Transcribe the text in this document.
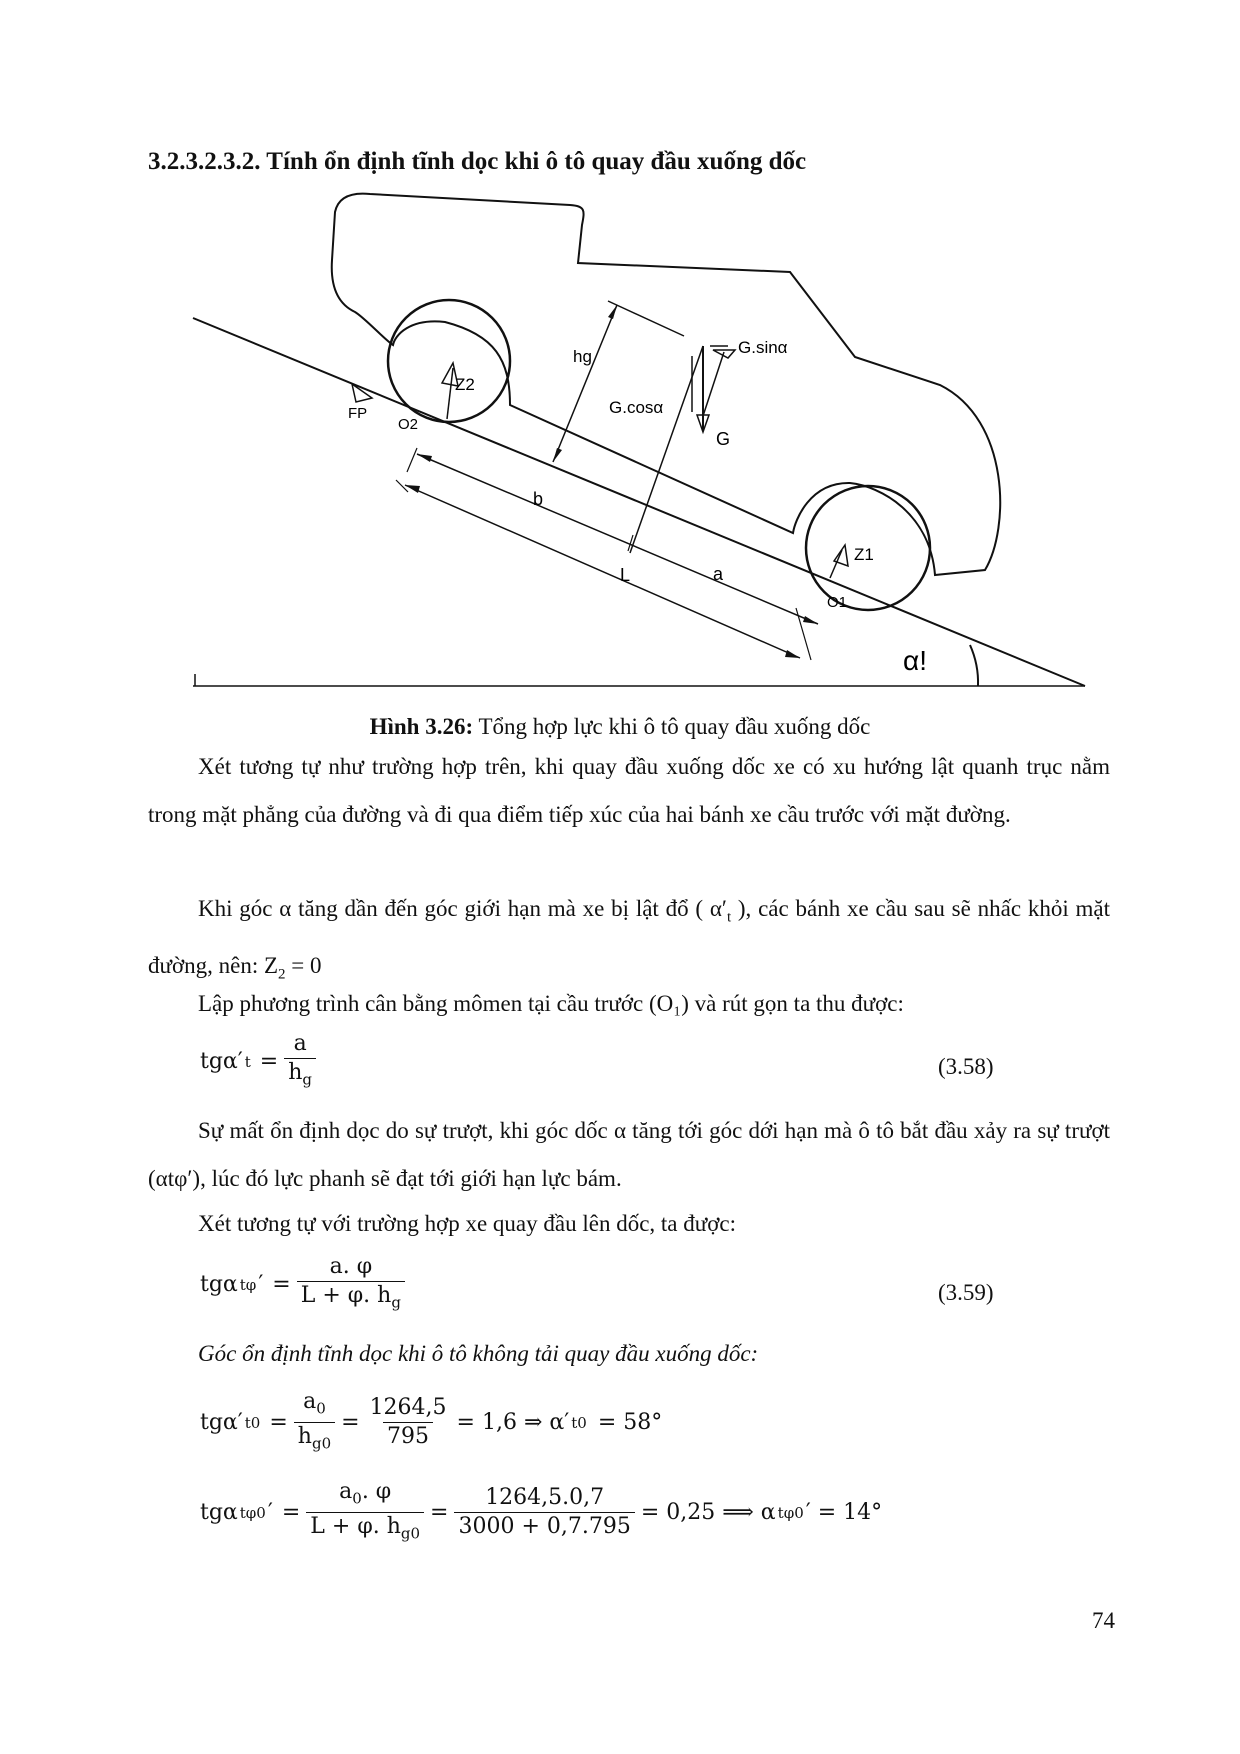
3.2.3.2.3.2. Tính ổn định tĩnh dọc khi ô tô quay đầu xuống dốc
hg	G.sinα
G.cosα
G
Z2
Z1
FP
O2
O1
b
L	a
α!
Hình 3.26: Tổng hợp lực khi ô tô quay đầu xuống dốc

Xét tương tự như trường hợp trên, khi quay đầu xuống dốc xe có xu hướng lật quanh trục nằm trong mặt phẳng của đường và đi qua điểm tiếp xúc của hai bánh xe cầu trước với mặt đường.

Khi góc α tăng dần đến góc giới hạn mà xe bị lật đổ ( $\alpha'_t$ ), các bánh xe cầu sau sẽ nhấc khỏi mặt đường, nên: $Z_2 = 0$

Lập phương trình cân bằng mômen tại cầu trước (O₁) và rút gọn ta thu được:

tgα′ $t = \frac{a}{h_g}$	(3.58)

Sự mất ổn định dọc do sự trượt, khi góc dốc α tăng tới góc dới hạn mà ô tô bắt đầu xảy ra sự trượt (αtφ′), lúc đó lực phanh sẽ đạt tới giới hạn lực bám.

Xét tương tự với trường hợp xe quay đầu lên dốc, ta được:

tgα tφ ′ = $\frac{a. \varphi}{L + \varphi. h_g}$	(3.59)

Góc ổn định tĩnh dọc khi ô tô không tải quay đầu xuống dốc:

tgα′ $t0 = \frac{a_0}{h_{g0}} = \frac{1264,5}{795} = 1,6$ ⇒ α′ t0
= 58°
tgα tφ0 ′ = $\frac{a_0. \varphi}{L + \varphi. h_{g0}} = \frac{1264,5.0,7}{3000 + 0,7.795} = 0,25$ ⟹ α tφ0 ′ = 14°
74
